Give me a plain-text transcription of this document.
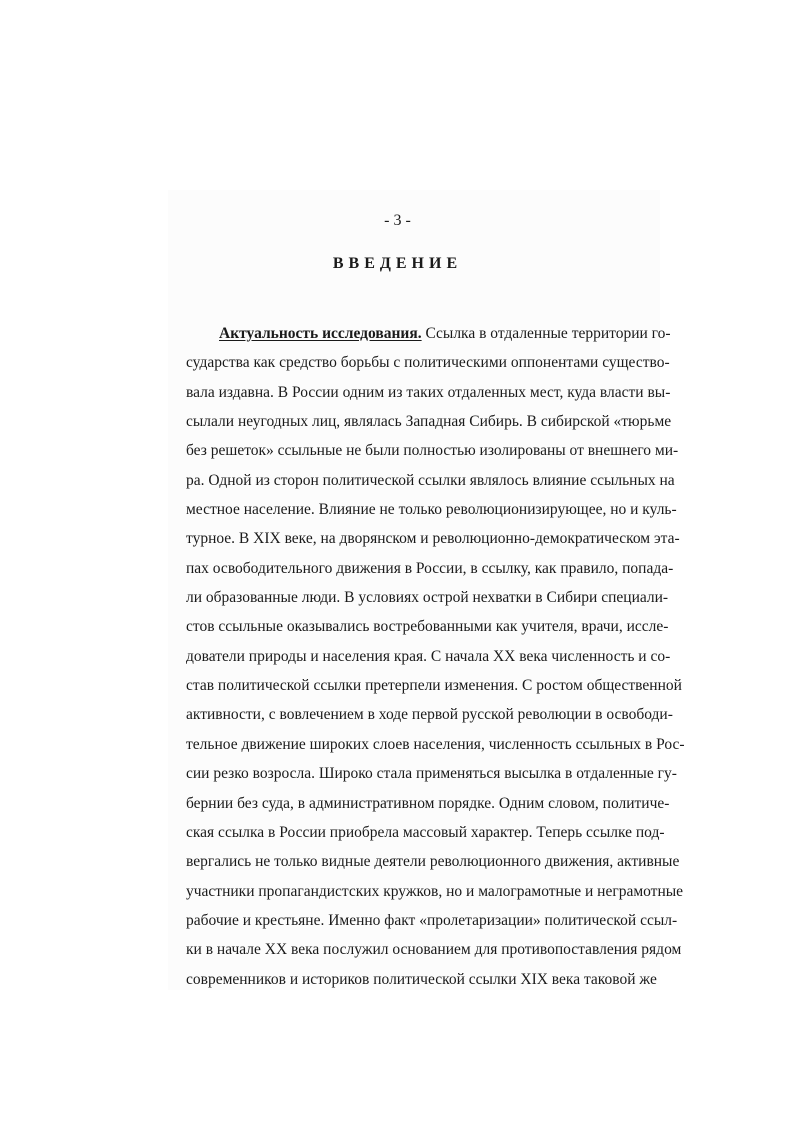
- 3 -
ВВЕДЕНИЕ
Актуальность исследования. Ссылка в отдаленные территории го-
сударства как средство борьбы с политическими оппонентами существо-
вала издавна. В России одним из таких отдаленных мест, куда власти вы-
сылали неугодных лиц, являлась Западная Сибирь. В сибирской «тюрьме
без решеток» ссыльные не были полностью изолированы от внешнего ми-
ра. Одной из сторон политической ссылки являлось влияние ссыльных на
местное население. Влияние не только революционизирующее, но и куль-
турное. В XIX веке, на дворянском и революционно-демократическом эта-
пах освободительного движения в России, в ссылку, как правило, попада-
ли образованные люди. В условиях острой нехватки в Сибири специали-
стов ссыльные оказывались востребованными как учителя, врачи, иссле-
дователи природы и населения края. С начала XX века численность и со-
став политической ссылки претерпели изменения. С ростом общественной
активности, с вовлечением в ходе первой русской революции в освободи-
тельное движение широких слоев населения, численность ссыльных в Рос-
сии резко возросла. Широко стала применяться высылка в отдаленные гу-
бернии без суда, в административном порядке. Одним словом, политиче-
ская ссылка в России приобрела массовый характер. Теперь ссылке под-
вергались не только видные деятели революционного движения, активные
участники пропагандистских кружков, но и малограмотные и неграмотные
рабочие и крестьяне. Именно факт «пролетаризации» политической ссыл-
ки в начале XX века послужил основанием для противопоставления рядом
современников и историков политической ссылки XIX века таковой же
